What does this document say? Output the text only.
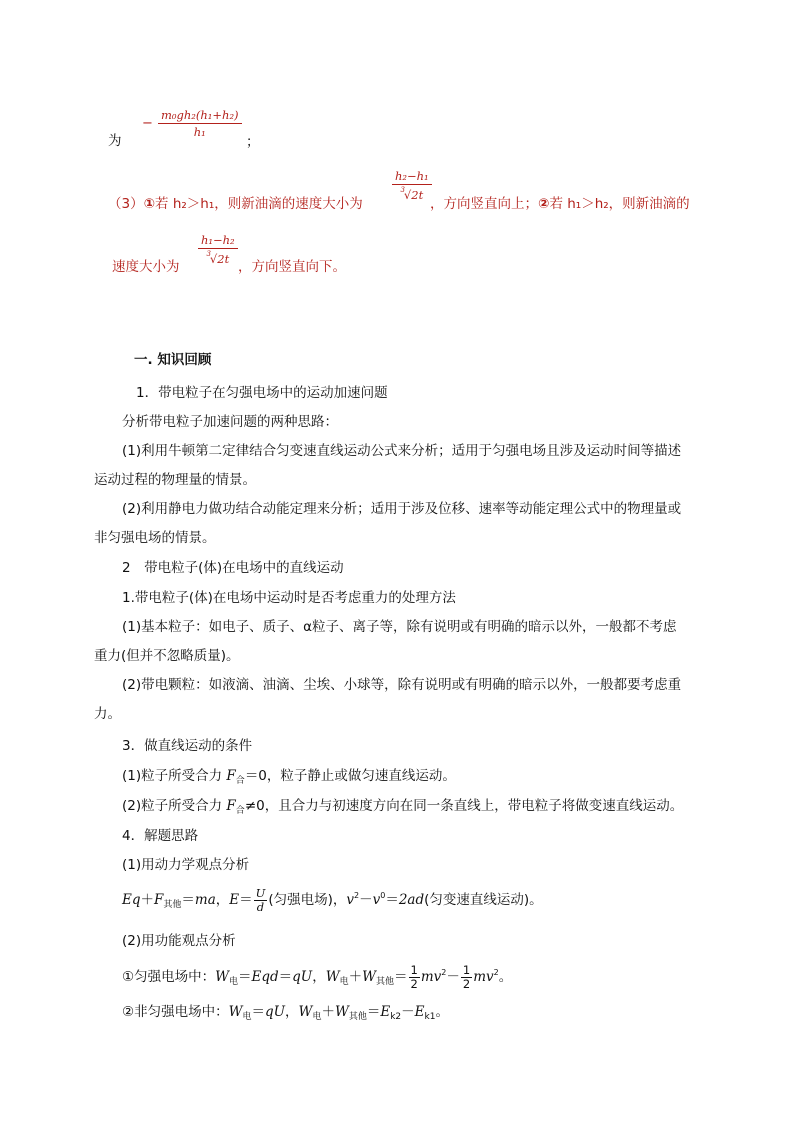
为
− $\frac{\text{m₀gh₂(h₁+h₂)}}{\text{h₁}}$
；
（3）①若 h₂＞h₁，则新油滴的速度大小为
$\frac{\text{h₂−h₁}}{^3√2t}$
，方向竖直向上；②若 h₁＞h₂，则新油滴的
速度大小为
$\frac{\text{h₁−h₂}}{^3√2t}$
，方向竖直向下。
一. 知识回顾
1．带电粒子在匀强电场中的运动加速问题
分析带电粒子加速问题的两种思路：
(1)利用牛顿第二定律结合匀变速直线运动公式来分析；适用于匀强电场且涉及运动时间等描述
运动过程的物理量的情景。
(2)利用静电力做功结合动能定理来分析；适用于涉及位移、速率等动能定理公式中的物理量或
非匀强电场的情景。
2　带电粒子(体)在电场中的直线运动
1.带电粒子(体)在电场中运动时是否考虑重力的处理方法
(1)基本粒子：如电子、质子、α粒子、离子等，除有说明或有明确的暗示以外，一般都不考虑
重力(但并不忽略质量)。
(2)带电颗粒：如液滴、油滴、尘埃、小球等，除有说明或有明确的暗示以外，一般都要考虑重
力。
3．做直线运动的条件
(1)粒子所受合力 $F_合=0$，粒子静止或做匀速直线运动。
(2)粒子所受合力 $F_合\ne 0$，且合力与初速度方向在同一条直线上，带电粒子将做变速直线运动。
4．解题思路
(1)用动力学观点分析
$Eq+F_{其他}=ma$，$E= \frac{U}{d}$ (匀强电场)，$v^2-v^0=2ad$(匀变速直线运动)。
(2)用功能观点分析
①匀强电场中：$W_电=Eqd=qU$，$W_电+W_{其他}= \frac{1}{2} mv^2- \frac{1}{2} mv^2$。
②非匀强电场中：$W_电=qU$，$W_电+W_{其他}=E_{k2}-E_{k1}$。
